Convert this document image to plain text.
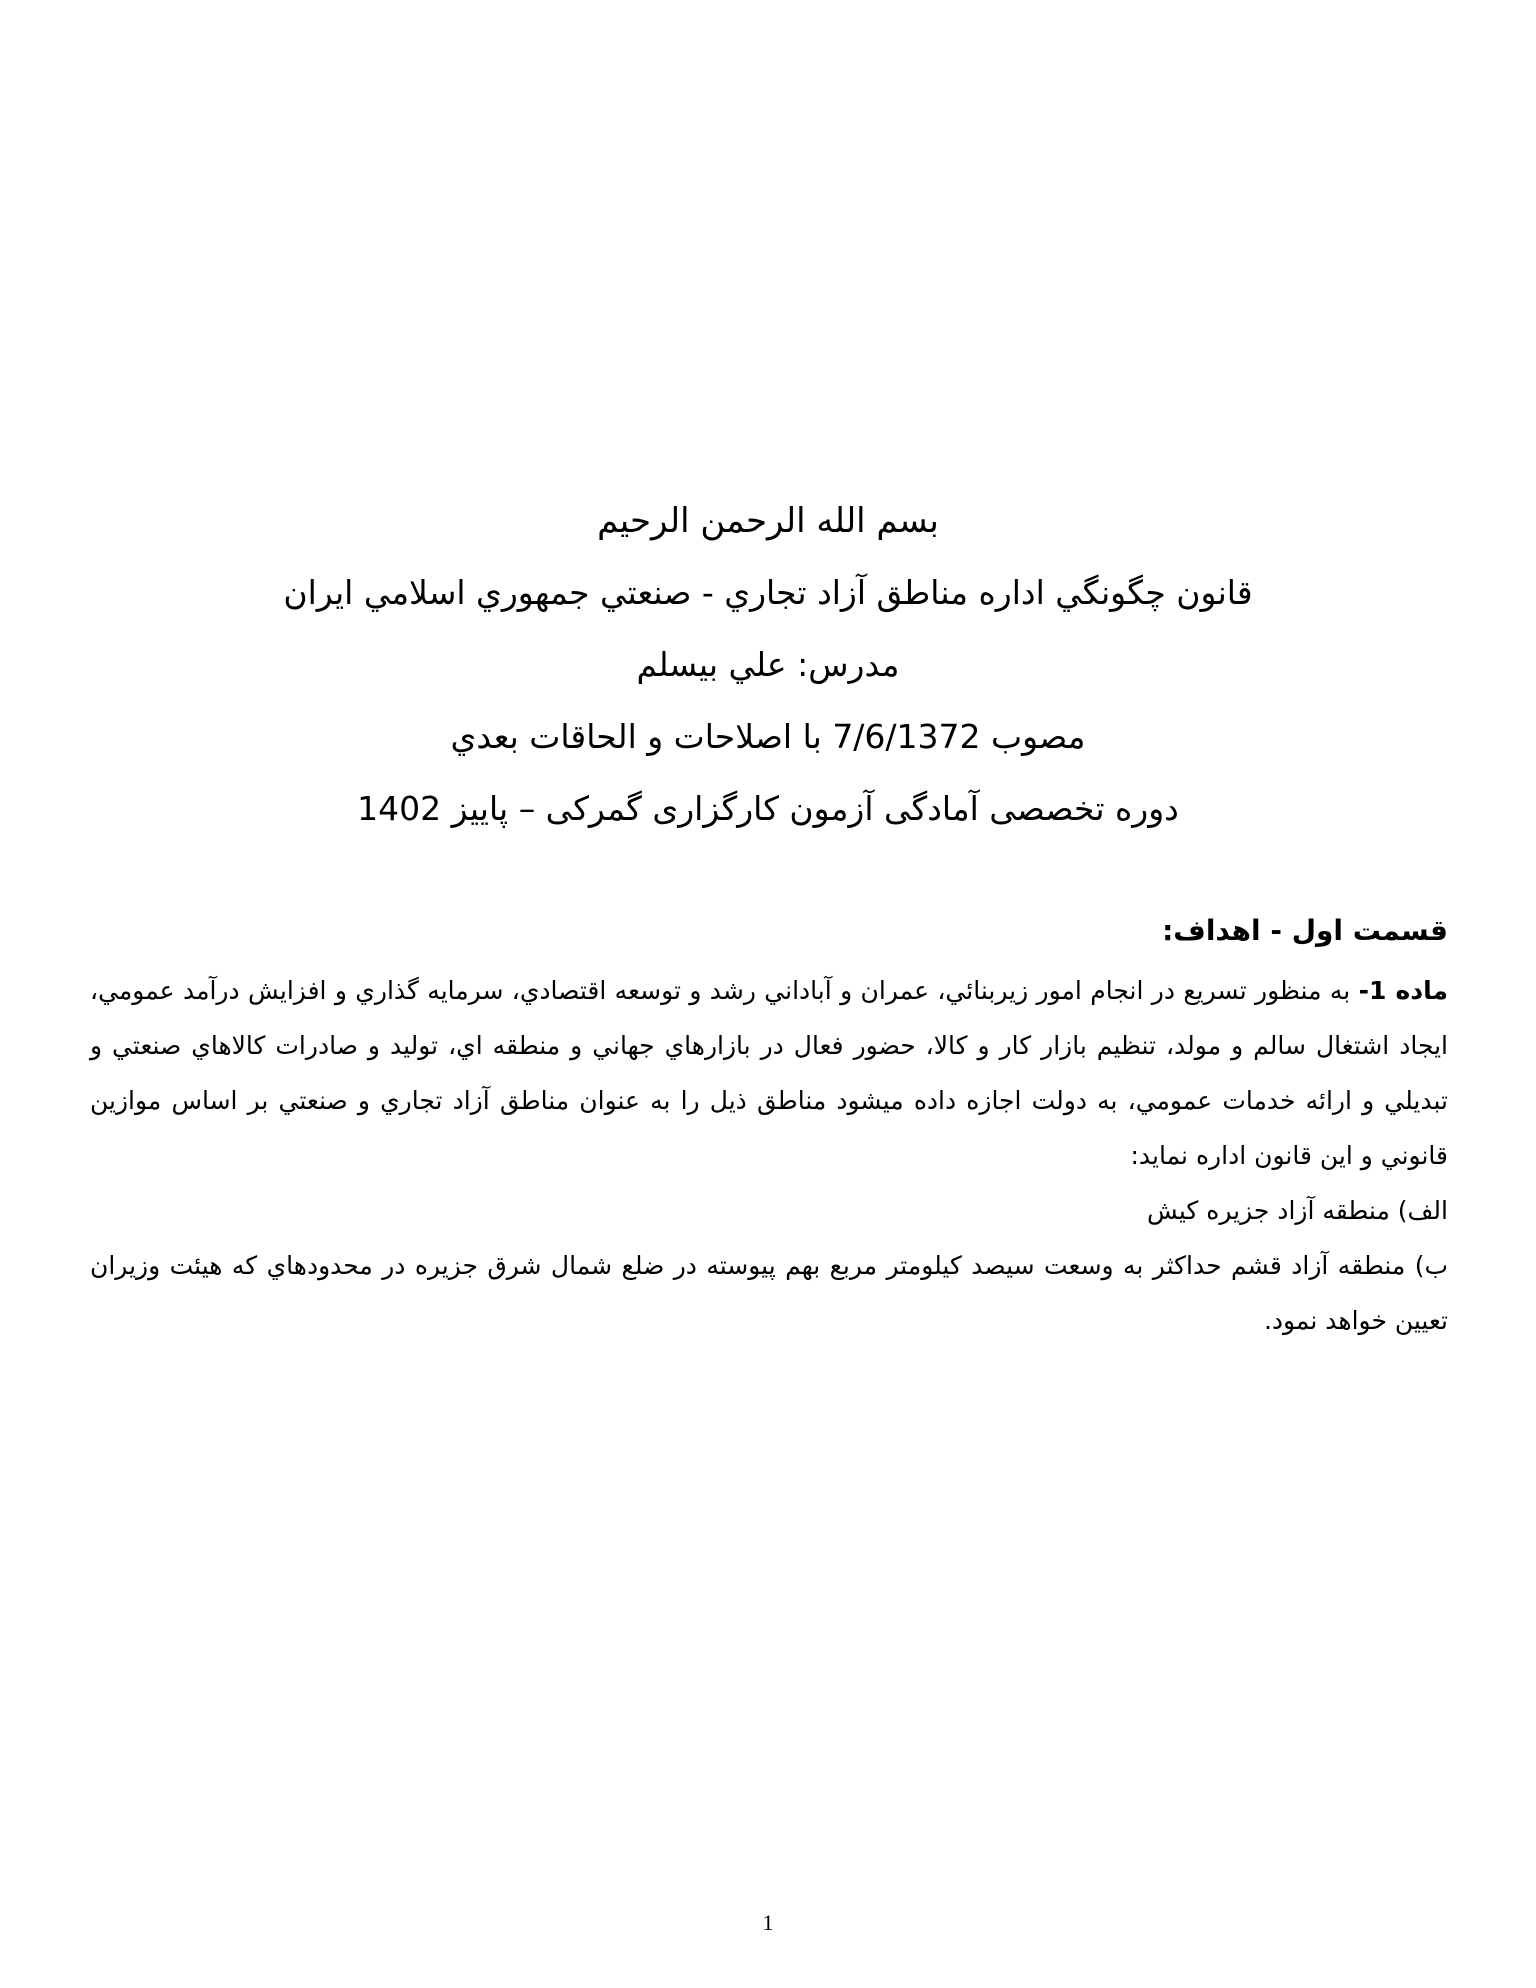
بسم الله الرحمن الرحيم

قانون چگونگي اداره مناطق آزاد تجاري - صنعتي جمهوري اسلامي ايران

مدرس: علي بيسلم

مصوب 7/6/1372 با اصلاحات و الحاقات بعدي

دوره تخصصی آمادگی آزمون کارگزاری گمرکی – پاییز 1402

قسمت اول - اهداف:

ماده 1- به منظور تسريع در انجام امور زيربنائي، عمران و آباداني رشد و توسعه اقتصادي، سرمايه گذاري و افزايش درآمد عمومي، ايجاد اشتغال سالم و مولد، تنظيم بازار كار و كالا، حضور فعال در بازارهاي جهاني و منطقه اي، توليد و صادرات كالاهاي صنعتي و تبديلي و ارائه خدمات عمومي، به دولت اجازه داده ميشود مناطق ذيل را به عنوان مناطق آزاد تجاري و صنعتي بر اساس موازين قانوني و اين قانون اداره نمايد:

الف) منطقه آزاد جزيره كيش

ب) منطقه آزاد قشم حداكثر به وسعت سيصد كيلومتر مربع بهم پيوسته در ضلع شمال شرق جزيره در محدودهاي كه هيئت وزيران تعيين خواهد نمود.

1
